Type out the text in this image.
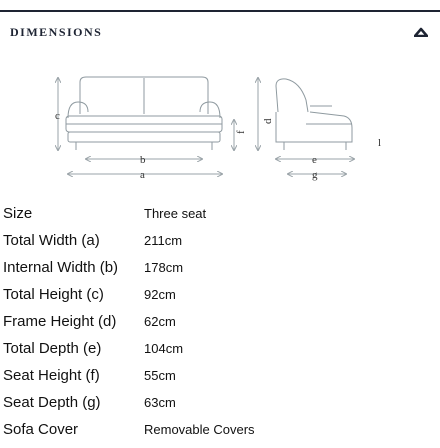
DIMENSIONS
c
b
a
f
d
e
g
l
Size	Three seat
Total Width (a)	211cm
Internal Width (b) 178cm
Total Height (c)	92cm
Frame Height (d) 62cm
Total Depth (e)	104cm
Seat Height (f)	55cm
Seat Depth (g)	63cm
Sofa Cover	Removable Covers
